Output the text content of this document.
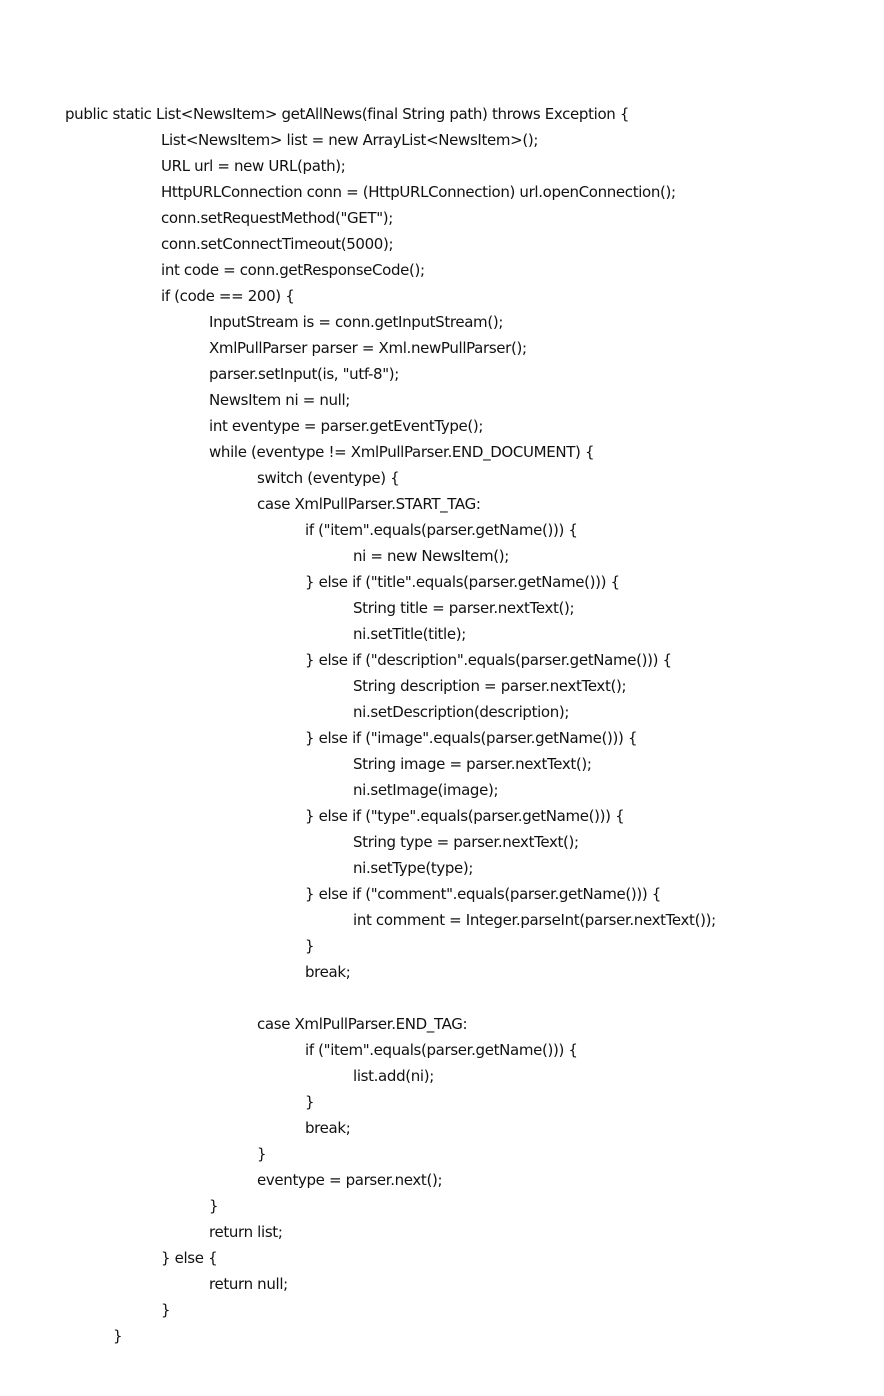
public static List<NewsItem> getAllNews(final String path) throws Exception {
List<NewsItem> list = new ArrayList<NewsItem>();
URL url = new URL(path);
HttpURLConnection conn = (HttpURLConnection) url.openConnection();
conn.setRequestMethod("GET");
conn.setConnectTimeout(5000);
int code = conn.getResponseCode();
if (code == 200) {
InputStream is = conn.getInputStream();
XmlPullParser parser = Xml.newPullParser();
parser.setInput(is, "utf-8");
NewsItem ni = null;
int eventype = parser.getEventType();
while (eventype != XmlPullParser.END_DOCUMENT) {
switch (eventype) {
case XmlPullParser.START_TAG:
if ("item".equals(parser.getName())) {
ni = new NewsItem();
} else if ("title".equals(parser.getName())) {
String title = parser.nextText();
ni.setTitle(title);
} else if ("description".equals(parser.getName())) {
String description = parser.nextText();
ni.setDescription(description);
} else if ("image".equals(parser.getName())) {
String image = parser.nextText();
ni.setImage(image);
} else if ("type".equals(parser.getName())) {
String type = parser.nextText();
ni.setType(type);
} else if ("comment".equals(parser.getName())) {
int comment = Integer.parseInt(parser.nextText());
}
break;
case XmlPullParser.END_TAG:
if ("item".equals(parser.getName())) {
list.add(ni);
}
break;
}
eventype = parser.next();
}
return list;
} else {
return null;
}
}
